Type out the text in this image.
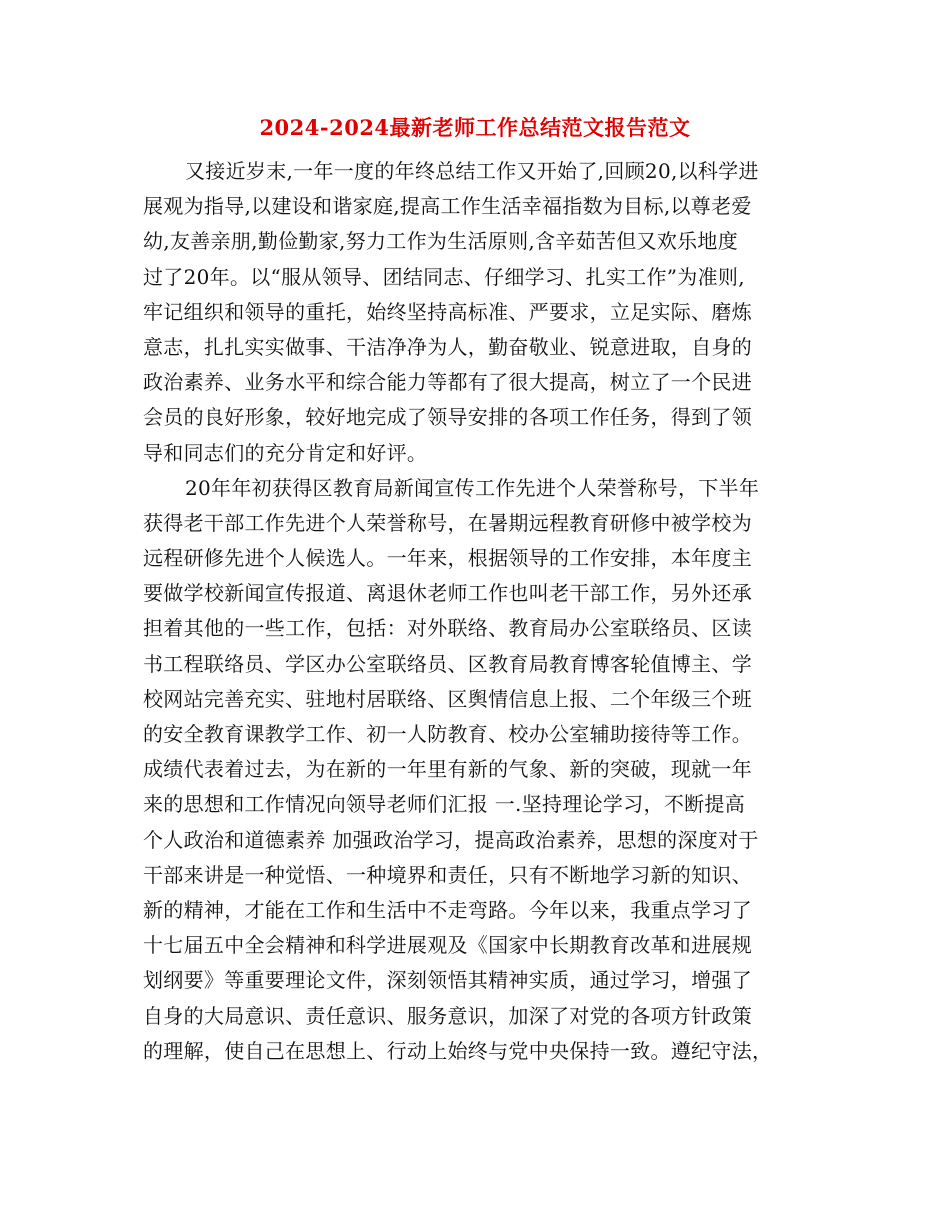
2024-2024最新老师工作总结范文报告范文
又接近岁末,一年一度的年终总结工作又开始了,回顾20,以科学进
展观为指导,以建设和谐家庭,提高工作生活幸福指数为目标,以尊老爱
幼,友善亲朋,勤俭勤家,努力工作为生活原则,含辛茹苦但又欢乐地度
过了20年。以“服从领导、团结同志、仔细学习、扎实工作”为准则,
牢记组织和领导的重托，始终坚持高标准、严要求，立足实际、磨炼
意志，扎扎实实做事、干洁净净为人，勤奋敬业、锐意进取，自身的
政治素养、业务水平和综合能力等都有了很大提高，树立了一个民进
会员的良好形象，较好地完成了领导安排的各项工作任务，得到了领
导和同志们的充分肯定和好评。
20年年初获得区教育局新闻宣传工作先进个人荣誉称号，下半年
获得老干部工作先进个人荣誉称号，在暑期远程教育研修中被学校为
远程研修先进个人候选人。一年来，根据领导的工作安排，本年度主
要做学校新闻宣传报道、离退休老师工作也叫老干部工作，另外还承
担着其他的一些工作，包括：对外联络、教育局办公室联络员、区读
书工程联络员、学区办公室联络员、区教育局教育博客轮值博主、学
校网站完善充实、驻地村居联络、区舆情信息上报、二个年级三个班
的安全教育课教学工作、初一人防教育、校办公室辅助接待等工作。
成绩代表着过去，为在新的一年里有新的气象、新的突破，现就一年
来的思想和工作情况向领导老师们汇报 一.坚持理论学习，不断提高
个人政治和道德素养 加强政治学习，提高政治素养，思想的深度对于
干部来讲是一种觉悟、一种境界和责任，只有不断地学习新的知识、
新的精神，才能在工作和生活中不走弯路。今年以来，我重点学习了
十七届五中全会精神和科学进展观及《国家中长期教育改革和进展规
划纲要》等重要理论文件，深刻领悟其精神实质，通过学习，增强了
自身的大局意识、责任意识、服务意识，加深了对党的各项方针政策
的理解，使自己在思想上、行动上始终与党中央保持一致。遵纪守法，
